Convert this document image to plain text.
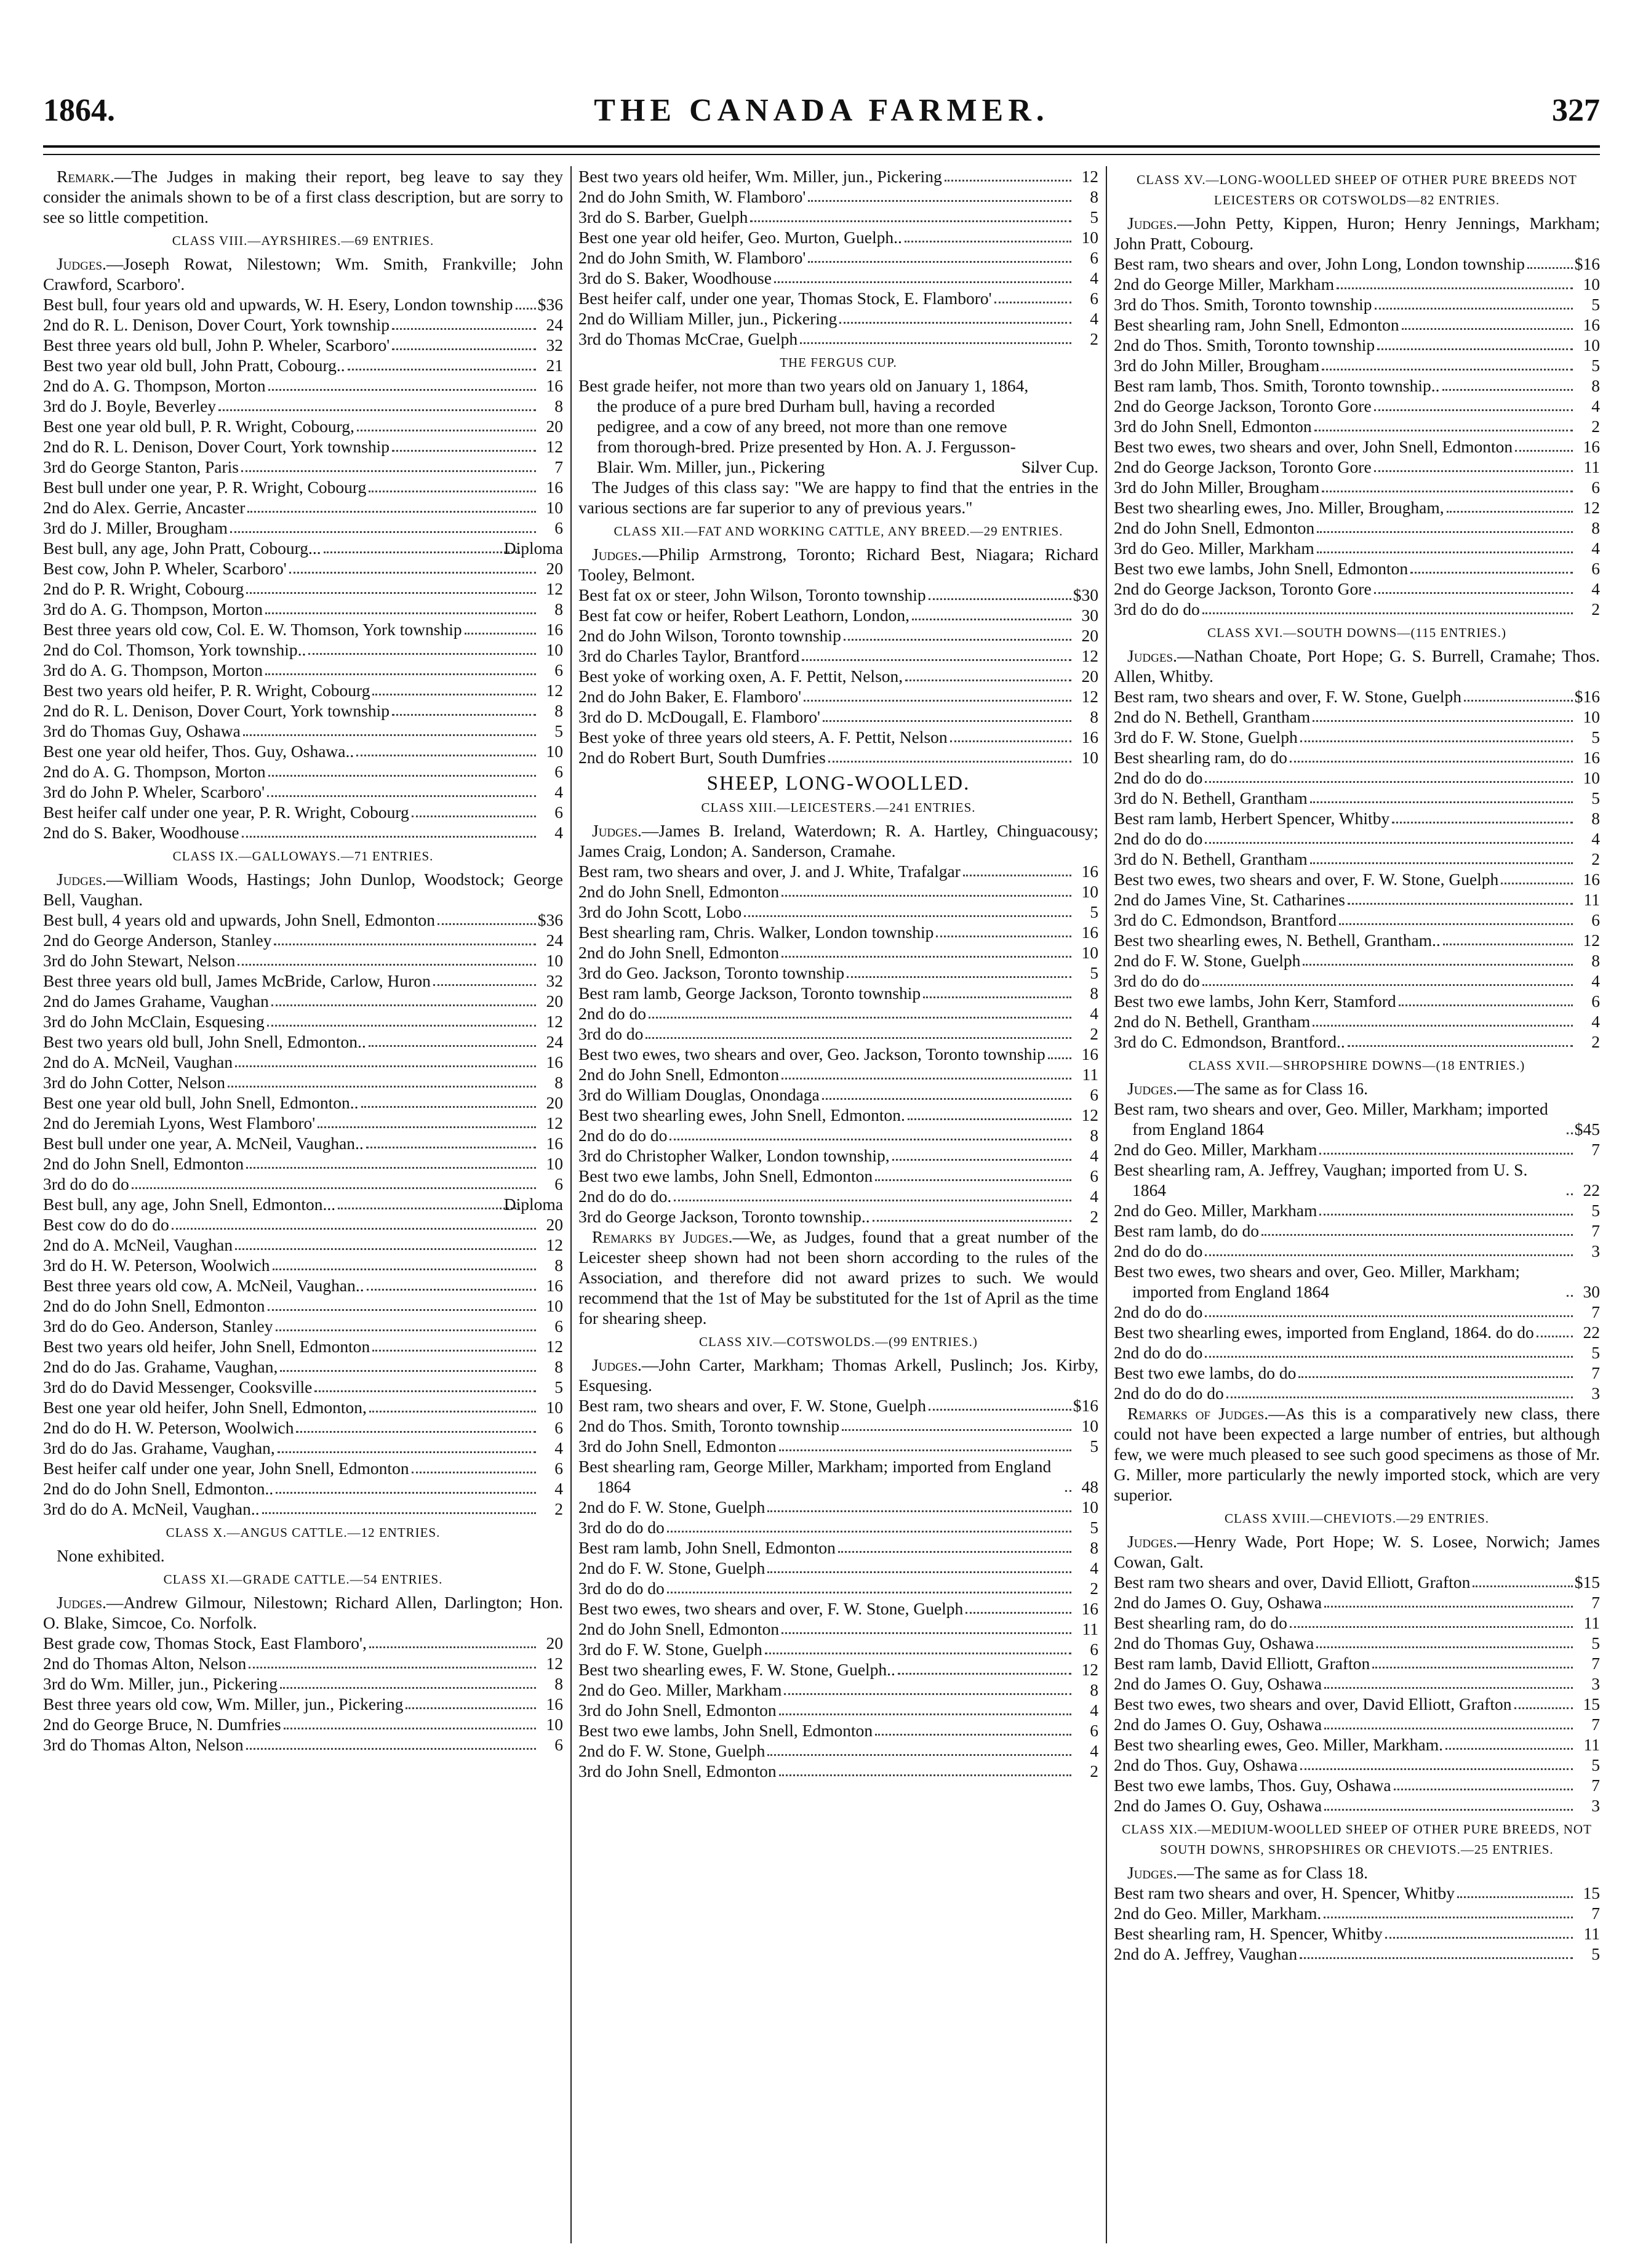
1864.	THE CANADA FARMER.	327

Remark.—The Judges in making their report, beg leave to say they consider the animals shown to be of a first class description, but are sorry to see so little competition.

CLASS VIII.—AYRSHIRES.—69 ENTRIES.

Judges.—Joseph Rowat, Nilestown; Wm. Smith, Frankville; John Crawford, Scarboro'.

Best bull, four years old and upwards, W. H. Esery, London township $36
2nd do R. L. Denison, Dover Court, York township	24
Best three years old bull, John P. Wheler, Scarboro'	32
Best two year old bull, John Pratt, Cobourg..	21
2nd do A. G. Thompson, Morton	16
3rd do J. Boyle, Beverley	8
Best one year old bull, P. R. Wright, Cobourg,	20
2nd do R. L. Denison, Dover Court, York township	12
3rd do George Stanton, Paris	7
Best bull under one year, P. R. Wright, Cobourg	16
2nd do Alex. Gerrie, Ancaster	10
3rd do J. Miller, Brougham	6
Best bull, any age, John Pratt, Cobourg...	Diploma
Best cow, John P. Wheler, Scarboro'	20
2nd do P. R. Wright, Cobourg	12
3rd do A. G. Thompson, Morton	8
Best three years old cow, Col. E. W. Thomson, York township	16
2nd do Col. Thomson, York township..	10
3rd do A. G. Thompson, Morton	6
Best two years old heifer, P. R. Wright, Cobourg	12
2nd do R. L. Denison, Dover Court, York township	8
3rd do Thomas Guy, Oshawa	5
Best one year old heifer, Thos. Guy, Oshawa..	10
2nd do A. G. Thompson, Morton	6
3rd do John P. Wheler, Scarboro'	4
Best heifer calf under one year, P. R. Wright, Cobourg	6
2nd do S. Baker, Woodhouse	4
CLASS IX.—GALLOWAYS.—71 ENTRIES.

Judges.—William Woods, Hastings; John Dunlop, Woodstock; George Bell, Vaughan.

Best bull, 4 years old and upwards, John Snell, Edmonton	$36
2nd do George Anderson, Stanley	24
3rd do John Stewart, Nelson	10
Best three years old bull, James McBride, Carlow, Huron	32
2nd do James Grahame, Vaughan	20
3rd do John McClain, Esquesing	12
Best two years old bull, John Snell, Edmonton..	24
2nd do A. McNeil, Vaughan	16
3rd do John Cotter, Nelson	8
Best one year old bull, John Snell, Edmonton..	20
2nd do Jeremiah Lyons, West Flamboro'	12
Best bull under one year, A. McNeil, Vaughan..	16
2nd do John Snell, Edmonton	10
3rd do do do	6
Best bull, any age, John Snell, Edmonton...	Diploma
Best cow do do do	20
2nd do A. McNeil, Vaughan	12
3rd do H. W. Peterson, Woolwich	8
Best three years old cow, A. McNeil, Vaughan..	16
2nd do do John Snell, Edmonton	10
3rd do do Geo. Anderson, Stanley	6
Best two years old heifer, John Snell, Edmonton	12
2nd do do Jas. Grahame, Vaughan,	8
3rd do do David Messenger, Cooksville	5
Best one year old heifer, John Snell, Edmonton,	10
2nd do do H. W. Peterson, Woolwich	6
3rd do do Jas. Grahame, Vaughan,	4
Best heifer calf under one year, John Snell, Edmonton	6
2nd do do John Snell, Edmonton..	4
3rd do do A. McNeil, Vaughan..	2
CLASS X.—ANGUS CATTLE.—12 ENTRIES.

None exhibited.

CLASS XI.—GRADE CATTLE.—54 ENTRIES.

Judges.—Andrew Gilmour, Nilestown; Richard Allen, Darlington; Hon. O. Blake, Simcoe, Co. Norfolk.

Best grade cow, Thomas Stock, East Flamboro',	20
2nd do Thomas Alton, Nelson	12
3rd do Wm. Miller, jun., Pickering	8
Best three years old cow, Wm. Miller, jun., Pickering	16
2nd do George Bruce, N. Dumfries	10
3rd do Thomas Alton, Nelson	6
Best two years old heifer, Wm. Miller, jun., Pickering	12
2nd do John Smith, W. Flamboro'	8
3rd do S. Barber, Guelph	5
Best one year old heifer, Geo. Murton, Guelph..	10
2nd do John Smith, W. Flamboro'	6
3rd do S. Baker, Woodhouse	4
Best heifer calf, under one year, Thomas Stock, E. Flamboro'	6
2nd do William Miller, jun., Pickering	4
3rd do Thomas McCrae, Guelph	2
THE FERGUS CUP.
Best grade heifer, not more than two years old on January 1, 1864, the produce of a pure bred Durham bull, having a recorded pedigree, and a cow of any breed, not more than one remove from thorough-bred. Prize presented by Hon. A. J. Fergusson-Blair. Wm. Miller, jun., Pickering	Silver Cup.

The Judges of this class say: "We are happy to find that the entries in the various sections are far superior to any of previous years."

CLASS XII.—FAT AND WORKING CATTLE, ANY BREED.—29 ENTRIES.

Judges.—Philip Armstrong, Toronto; Richard Best, Niagara; Richard Tooley, Belmont.

Best fat ox or steer, John Wilson, Toronto township	$30
Best fat cow or heifer, Robert Leathorn, London,	30
2nd do John Wilson, Toronto township	20
3rd do Charles Taylor, Brantford	12
Best yoke of working oxen, A. F. Pettit, Nelson,	20
2nd do John Baker, E. Flamboro'	12
3rd do D. McDougall, E. Flamboro'	8
Best yoke of three years old steers, A. F. Pettit, Nelson	16
2nd do Robert Burt, South Dumfries	10
SHEEP, LONG-WOOLLED.
CLASS XIII.—LEICESTERS.—241 ENTRIES.

Judges.—James B. Ireland, Waterdown; R. A. Hartley, Chinguacousy; James Craig, London; A. Sanderson, Cramahe.

Best ram, two shears and over, J. and J. White, Trafalgar	16
2nd do John Snell, Edmonton	10
3rd do John Scott, Lobo	5
Best shearling ram, Chris. Walker, London township	16
2nd do John Snell, Edmonton	10
3rd do Geo. Jackson, Toronto township	5
Best ram lamb, George Jackson, Toronto township	8
2nd do do	4
3rd do do	2
Best two ewes, two shears and over, Geo. Jackson, Toronto township	16
2nd do John Snell, Edmonton	11
3rd do William Douglas, Onondaga	6
Best two shearling ewes, John Snell, Edmonton.	12
2nd do do do	8
3rd do Christopher Walker, London township,	4
Best two ewe lambs, John Snell, Edmonton	6
2nd do do do.	4
3rd do George Jackson, Toronto township..	2

Remarks by Judges.—We, as Judges, found that a great number of the Leicester sheep shown had not been shorn according to the rules of the Association, and therefore did not award prizes to such. We would recommend that the 1st of May be substituted for the 1st of April as the time for shearing sheep.

CLASS XIV.—COTSWOLDS.—(99 ENTRIES.)

Judges.—John Carter, Markham; Thomas Arkell, Puslinch; Jos. Kirby, Esquesing.

Best ram, two shears and over, F. W. Stone, Guelph	$16
2nd do Thos. Smith, Toronto township	10
3rd do John Snell, Edmonton	5
Best shearling ram, George Miller, Markham; imported from England 1864	48
2nd do F. W. Stone, Guelph	10
3rd do do do	5
Best ram lamb, John Snell, Edmonton	8
2nd do F. W. Stone, Guelph	4
3rd do do do	2
Best two ewes, two shears and over, F. W. Stone, Guelph	16
2nd do John Snell, Edmonton	11
3rd do F. W. Stone, Guelph	6
Best two shearling ewes, F. W. Stone, Guelph..	12
2nd do Geo. Miller, Markham	8
3rd do John Snell, Edmonton	4
Best two ewe lambs, John Snell, Edmonton	6
2nd do F. W. Stone, Guelph	4
3rd do John Snell, Edmonton	2
CLASS XV.—LONG-WOOLLED SHEEP OF OTHER PURE BREEDS NOT LEICESTERS OR COTSWOLDS—82 ENTRIES.

Judges.—John Petty, Kippen, Huron; Henry Jennings, Markham; John Pratt, Cobourg.

Best ram, two shears and over, John Long, London township	$16
2nd do George Miller, Markham	10
3rd do Thos. Smith, Toronto township	5
Best shearling ram, John Snell, Edmonton	16
2nd do Thos. Smith, Toronto township	10
3rd do John Miller, Brougham	5
Best ram lamb, Thos. Smith, Toronto township..	8
2nd do George Jackson, Toronto Gore	4
3rd do John Snell, Edmonton	2
Best two ewes, two shears and over, John Snell, Edmonton	16
2nd do George Jackson, Toronto Gore	11
3rd do John Miller, Brougham	6
Best two shearling ewes, Jno. Miller, Brougham,	12
2nd do John Snell, Edmonton	8
3rd do Geo. Miller, Markham	4
Best two ewe lambs, John Snell, Edmonton	6
2nd do George Jackson, Toronto Gore	4
3rd do do do	2
CLASS XVI.—SOUTH DOWNS—(115 ENTRIES.)

Judges.—Nathan Choate, Port Hope; G. S. Burrell, Cramahe; Thos. Allen, Whitby.

Best ram, two shears and over, F. W. Stone, Guelph	$16
2nd do N. Bethell, Grantham	10
3rd do F. W. Stone, Guelph	5
Best shearling ram, do do	16
2nd do do do	10
3rd do N. Bethell, Grantham	5
Best ram lamb, Herbert Spencer, Whitby	8
2nd do do do	4
3rd do N. Bethell, Grantham	2
Best two ewes, two shears and over, F. W. Stone, Guelph	16
2nd do James Vine, St. Catharines	11
3rd do C. Edmondson, Brantford	6
Best two shearling ewes, N. Bethell, Grantham..	12
2nd do F. W. Stone, Guelph	8
3rd do do do	4
Best two ewe lambs, John Kerr, Stamford	6
2nd do N. Bethell, Grantham	4
3rd do C. Edmondson, Brantford..	2
CLASS XVII.—SHROPSHIRE DOWNS—(18 ENTRIES.)

Judges.—The same as for Class 16.

Best ram, two shears and over, Geo. Miller, Markham; imported from England 1864	$45
2nd do Geo. Miller, Markham	7
Best shearling ram, A. Jeffrey, Vaughan; imported from U. S. 1864	22
2nd do Geo. Miller, Markham	5
Best ram lamb, do do	7
2nd do do do	3
Best two ewes, two shears and over, Geo. Miller, Markham; imported from England 1864	30
2nd do do do	7
Best two shearling ewes, imported from England, 1864. do do	22
2nd do do do	5
Best two ewe lambs, do do	7
2nd do do do do	3

Remarks of Judges.—As this is a comparatively new class, there could not have been expected a large number of entries, but although few, we were much pleased to see such good specimens as those of Mr. G. Miller, more particularly the newly imported stock, which are very superior.

CLASS XVIII.—CHEVIOTS.—29 ENTRIES.

Judges.—Henry Wade, Port Hope; W. S. Losee, Norwich; James Cowan, Galt.

Best ram two shears and over, David Elliott, Grafton	$15
2nd do James O. Guy, Oshawa	7
Best shearling ram, do do	11
2nd do Thomas Guy, Oshawa	5
Best ram lamb, David Elliott, Grafton	7
2nd do James O. Guy, Oshawa	3
Best two ewes, two shears and over, David Elliott, Grafton	15
2nd do James O. Guy, Oshawa	7
Best two shearling ewes, Geo. Miller, Markham.	11
2nd do Thos. Guy, Oshawa	5
Best two ewe lambs, Thos. Guy, Oshawa	7
2nd do James O. Guy, Oshawa	3
CLASS XIX.—MEDIUM-WOOLLED SHEEP OF OTHER PURE BREEDS, NOT SOUTH DOWNS, SHROPSHIRES OR CHEVIOTS.—25 ENTRIES.

Judges.—The same as for Class 18.

Best ram two shears and over, H. Spencer, Whitby	15
2nd do Geo. Miller, Markham.	7
Best shearling ram, H. Spencer, Whitby	11
2nd do A. Jeffrey, Vaughan	5
